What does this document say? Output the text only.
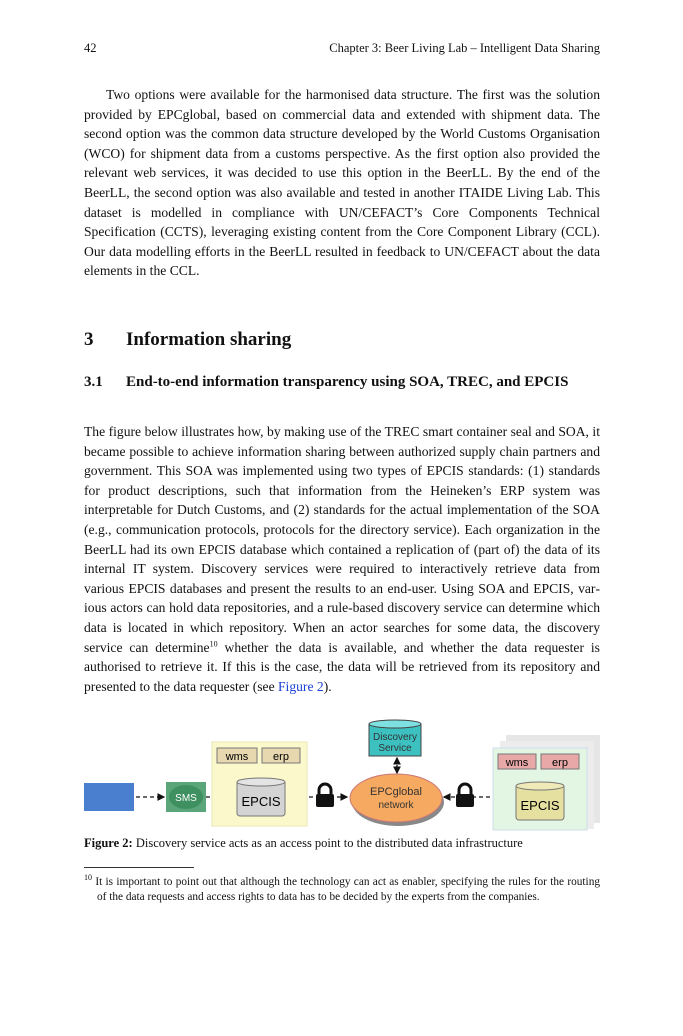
42	Chapter 3: Beer Living Lab – Intelligent Data Sharing

Two options were available for the harmonised data structure. The first was the solution provided by EPCglobal, based on commercial data and extended with shipment data. The second option was the common data structure developed by the World Customs Organisation (WCO) for shipment data from a customs perspective. As the first option also provided the relevant web services, it was decided to use this option in the BeerLL. By the end of the BeerLL, the second option was also available and tested in another ITAIDE Living Lab. This dataset is modelled in compliance with UN/CEFACT’s Core Components Technical Specification (CCTS), leveraging existing content from the Core Component Library (CCL). Our data modelling efforts in the BeerLL resulted in feedback to UN/CEFACT about the data elements in the CCL.

3 Information sharing
3.1	End-to-end information transparency using SOA, TREC, and EPCIS

The figure below illustrates how, by making use of the TREC smart container seal and SOA, it became possible to achieve information sharing between authorized supply chain partners and government. This SOA was implemented using two types of EPCIS standards: (1) standards for product descriptions, such that information from the Heineken’s ERP system was interpretable for Dutch Customs, and (2) standards for the actual implementation of the SOA (e.g., communication protocols, protocols for the directory service). Each organization in the BeerLL had its own EPCIS database which contained a replication of (part of) the data of its internal IT system. Discovery services were required to interactively retrieve data from various EPCIS databases and present the results to an end-user. Using SOA and EPCIS, various actors can hold data repositories, and a rule-based discovery service can determine which data is located in which repository. When an actor searches for some data, the discovery service can determine$^{10}$ whether the data is available, and whether the data requester is authorised to retrieve it. If this is the case, the data will be retrieved from its repository and presented to the data requester (see Figure 2).

SMS
wms erp
EPCIS
Discovery
Service
EPCglobal
network
wms erp
EPCIS
Figure 2: Discovery service acts as an access point to the distributed data infrastructure
$^{10}$ It is important to point out that although the technology can act as enabler, specifying the rules for the routing of the data requests and access rights to data has to be decided by the experts from the companies.
